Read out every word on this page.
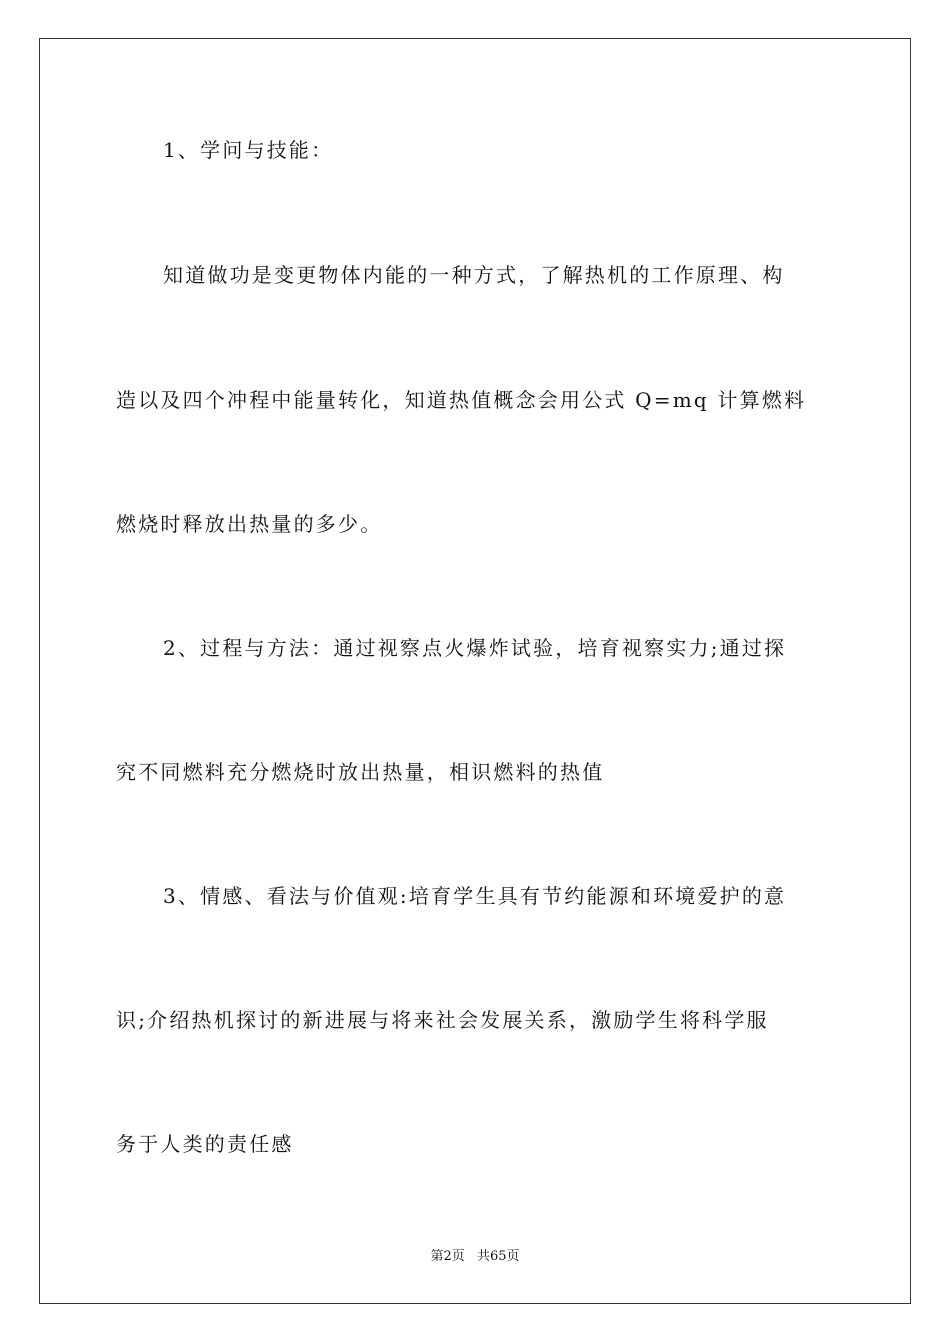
1、学问与技能：
知道做功是变更物体内能的一种方式，了解热机的工作原理、构
造以及四个冲程中能量转化，知道热值概念会用公式 Q=mq 计算燃料
燃烧时释放出热量的多少。
2、过程与方法：通过视察点火爆炸试验，培育视察实力;通过探
究不同燃料充分燃烧时放出热量，相识燃料的热值
3、情感、看法与价值观:培育学生具有节约能源和环境爱护的意
识;介绍热机探讨的新进展与将来社会发展关系，激励学生将科学服
务于人类的责任感
第2页 共65页
